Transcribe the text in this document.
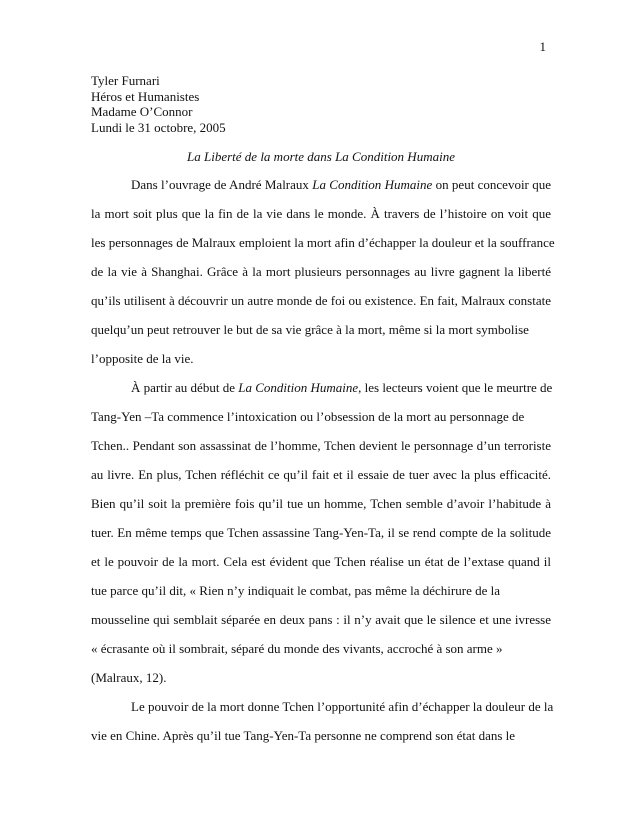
1
Tyler Furnari
Héros et Humanistes
Madame O’Connor
Lundi le 31 octobre, 2005
La Liberté de la morte dans La Condition Humaine
Dans l’ouvrage de André Malraux La Condition Humaine on peut concevoir que
la mort soit plus que la fin de la vie dans le monde. À travers de l’histoire on voit que
les personnages de Malraux emploient la mort afin d’échapper la douleur et la souffrance
de la vie à Shanghai. Grâce à la mort plusieurs personnages au livre gagnent la liberté
qu’ils utilisent à découvrir un autre monde de foi ou existence. En fait, Malraux constate
quelqu’un peut retrouver le but de sa vie grâce à la mort, même si la mort symbolise
l’opposite de la vie.
À partir au début de La Condition Humaine, les lecteurs voient que le meurtre de
Tang-Yen –Ta commence l’intoxication ou l’obsession de la mort au personnage de
Tchen.. Pendant son assassinat de l’homme, Tchen devient le personnage d’un terroriste
au livre. En plus, Tchen réfléchit ce qu’il fait et il essaie de tuer avec la plus efficacité.
Bien qu’il soit la première fois qu’il tue un homme, Tchen semble d’avoir l’habitude à
tuer. En même temps que Tchen assassine Tang-Yen-Ta, il se rend compte de la solitude
et le pouvoir de la mort. Cela est évident que Tchen réalise un état de l’extase quand il
tue parce qu’il dit, « Rien n’y indiquait le combat, pas même la déchirure de la
mousseline qui semblait séparée en deux pans : il n’y avait que le silence et une ivresse
« écrasante où il sombrait, séparé du monde des vivants, accroché à son arme »
(Malraux, 12).
Le pouvoir de la mort donne Tchen l’opportunité afin d’échapper la douleur de la
vie en Chine. Après qu’il tue Tang-Yen-Ta personne ne comprend son état dans le
